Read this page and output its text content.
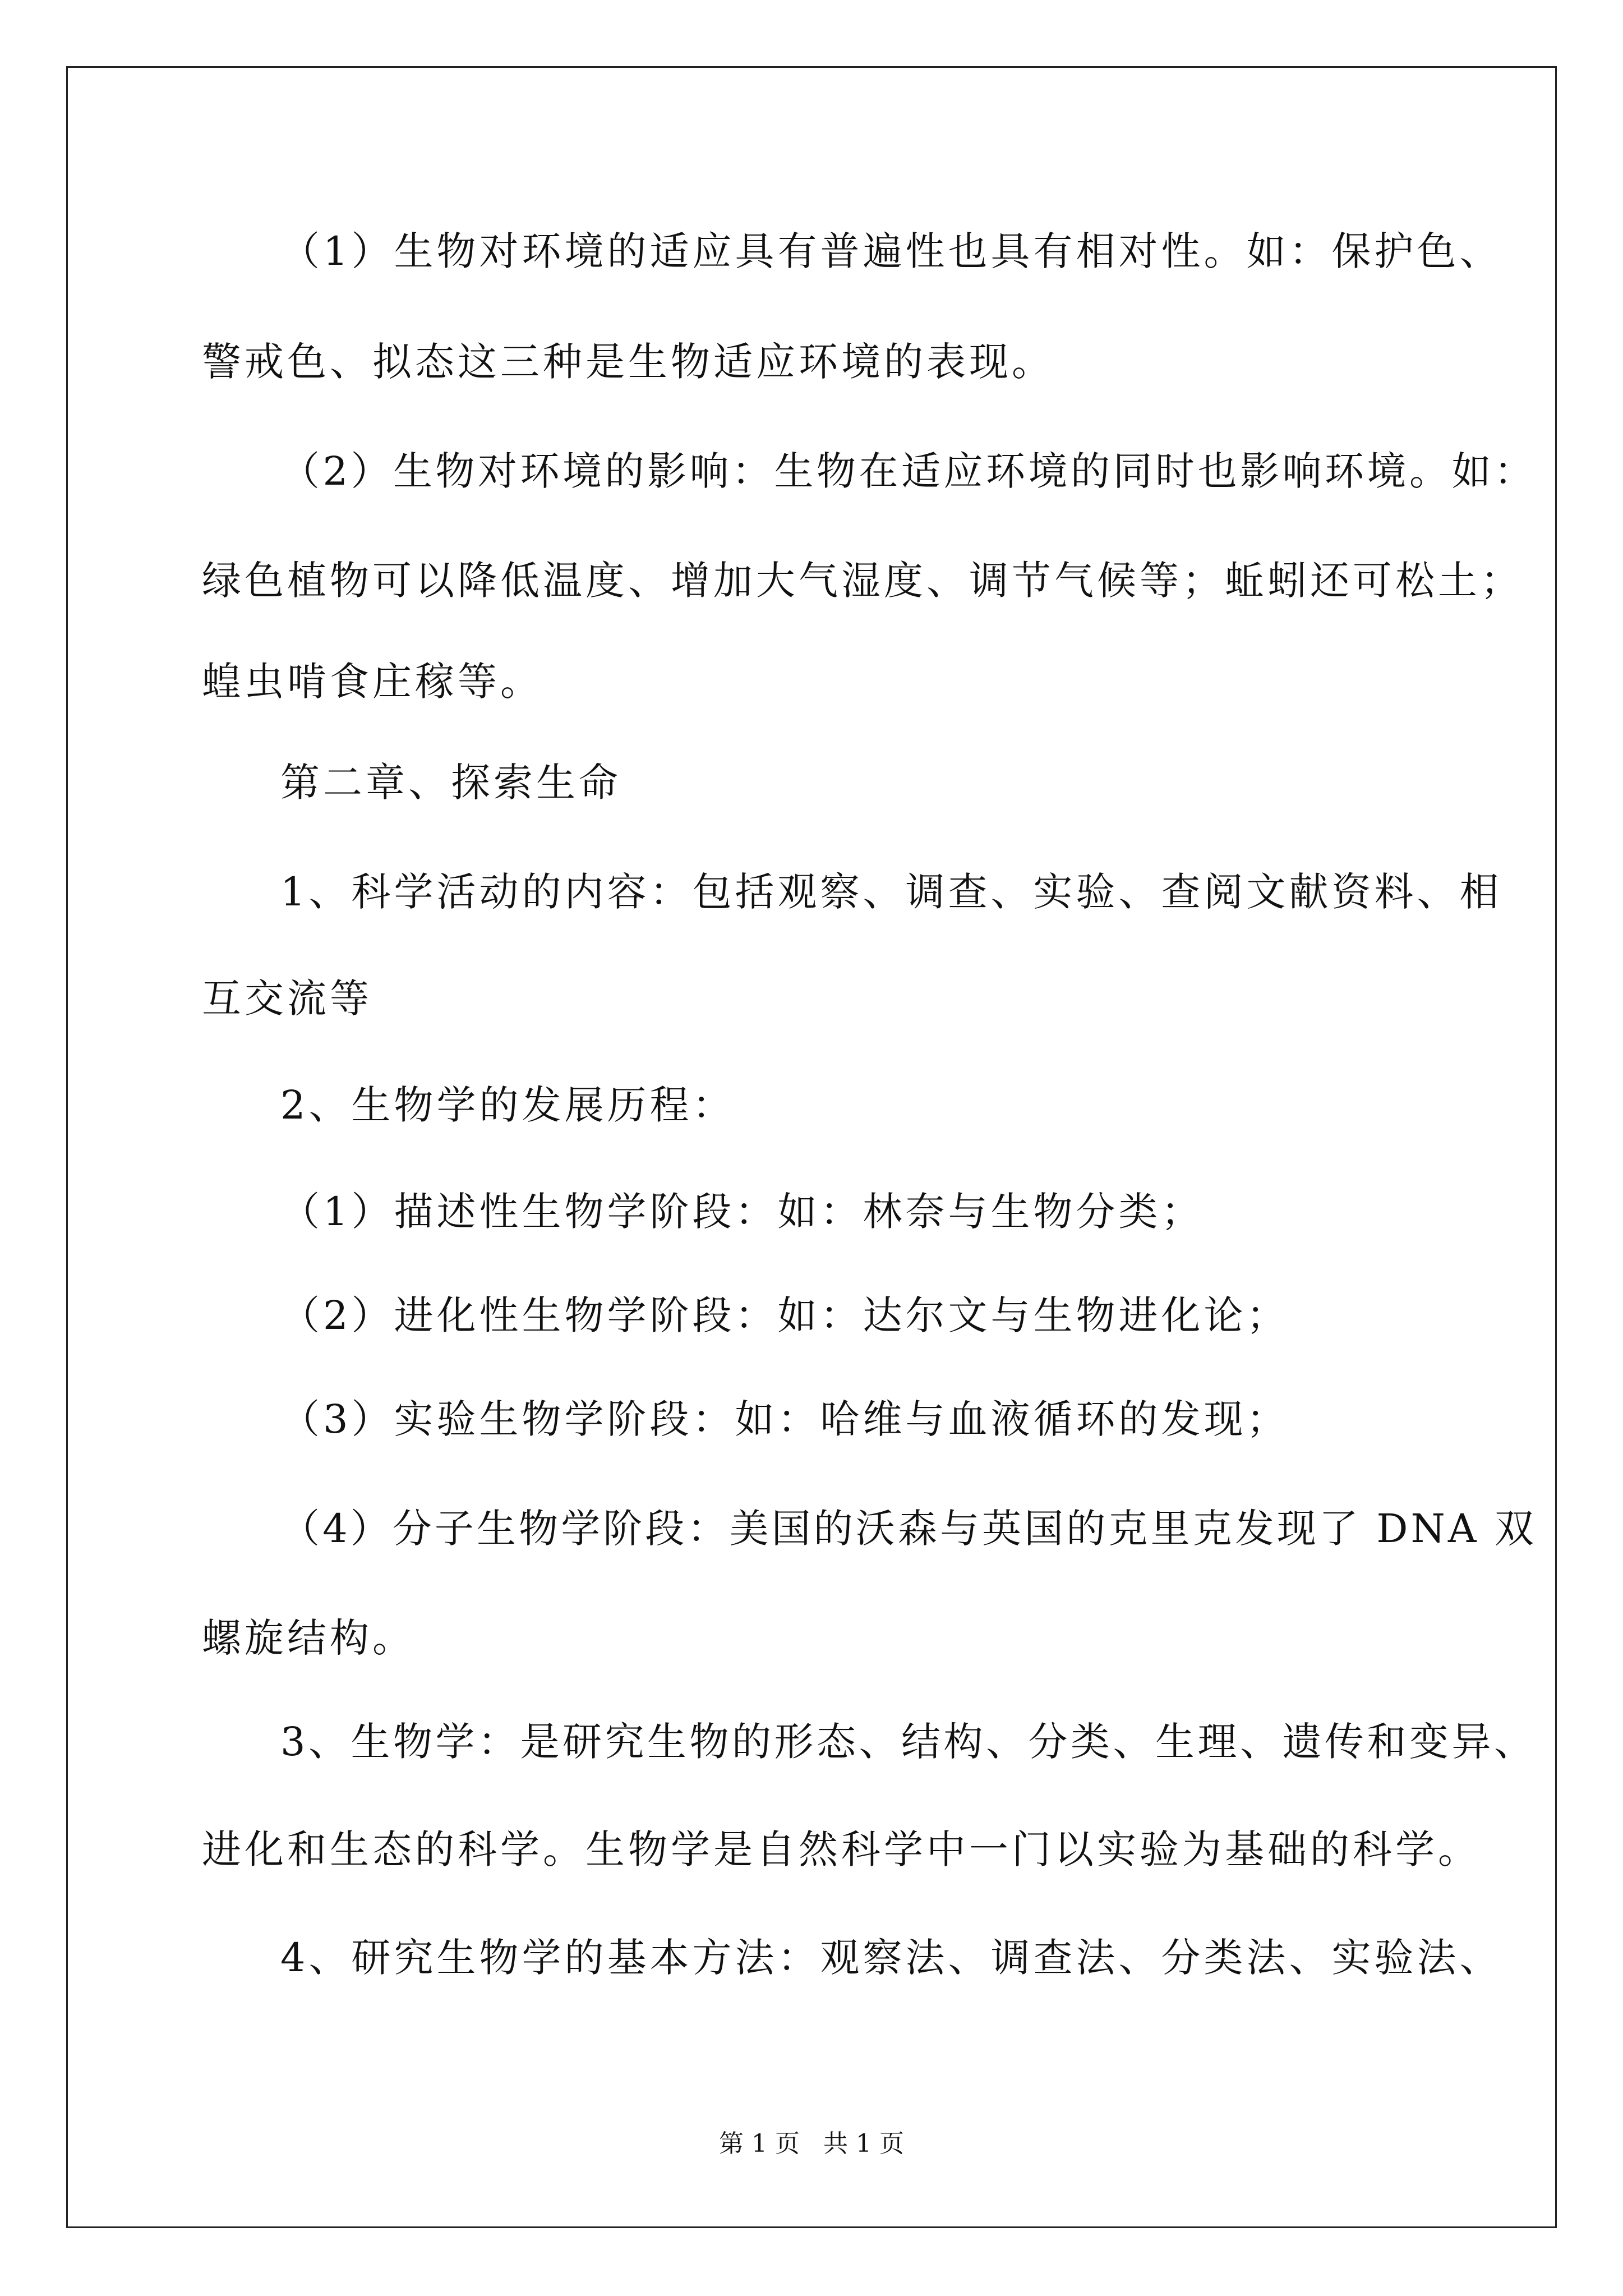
（1）生物对环境的适应具有普遍性也具有相对性。如：保护色、
警戒色、拟态这三种是生物适应环境的表现。
（2）生物对环境的影响：生物在适应环境的同时也影响环境。如：
绿色植物可以降低温度、增加大气湿度、调节气候等；蚯蚓还可松土；
蝗虫啃食庄稼等。
第二章、探索生命
1、科学活动的内容：包括观察、调查、实验、查阅文献资料、相
互交流等
2、生物学的发展历程：
（1）描述性生物学阶段：如：林奈与生物分类；
（2）进化性生物学阶段：如：达尔文与生物进化论；
（3）实验生物学阶段：如：哈维与血液循环的发现；
（4）分子生物学阶段：美国的沃森与英国的克里克发现了 DNA 双
螺旋结构。
3、生物学：是研究生物的形态、结构、分类、生理、遗传和变异、
进化和生态的科学。生物学是自然科学中一门以实验为基础的科学。
4、研究生物学的基本方法：观察法、调查法、分类法、实验法、
第 1 页   共 1 页
